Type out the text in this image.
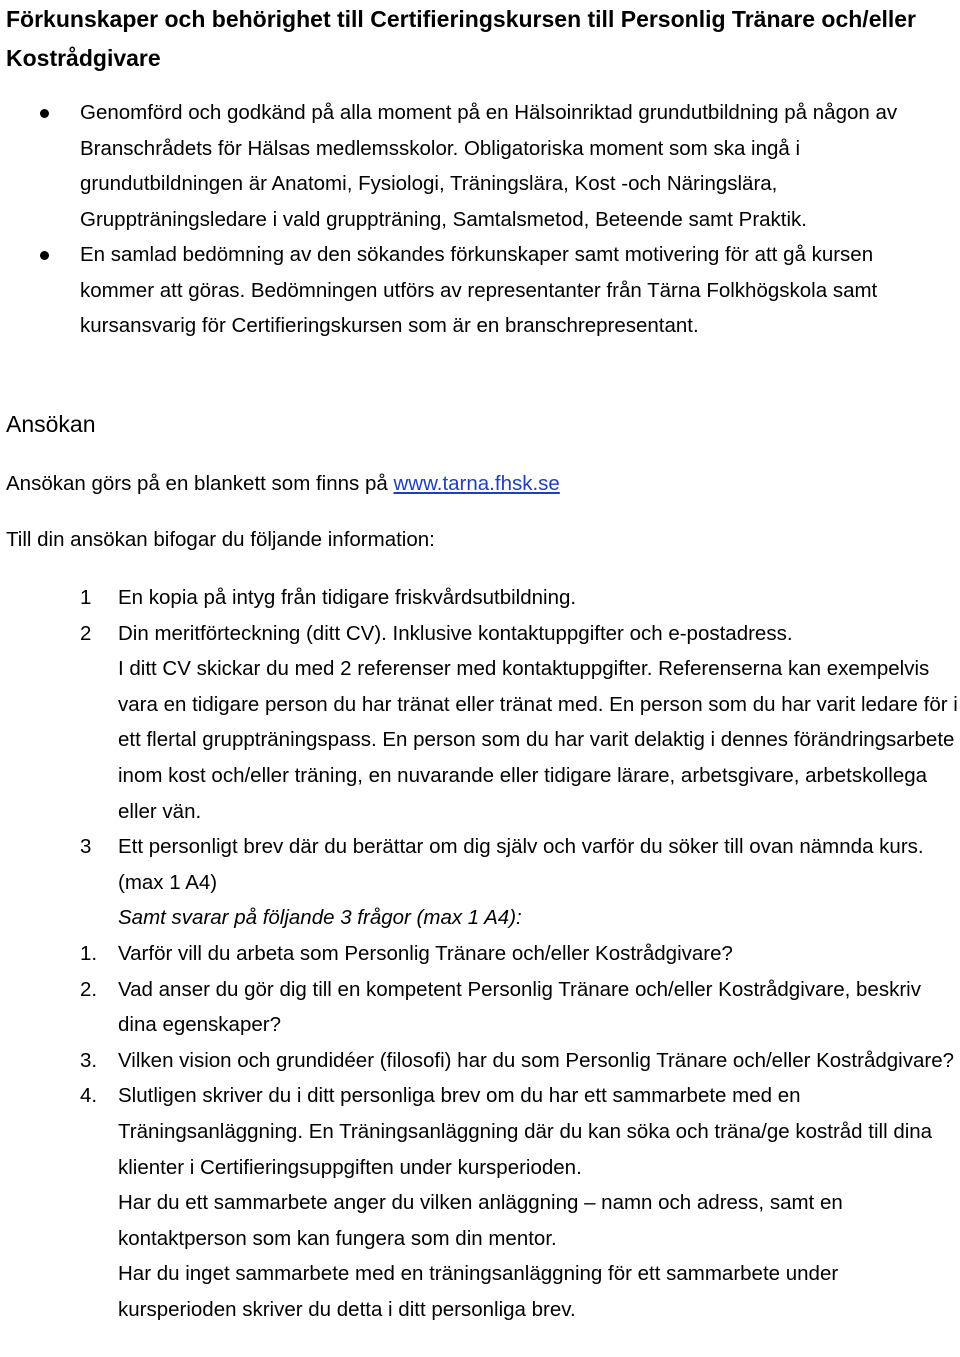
Förkunskaper och behörighet till Certifieringskursen till Personlig Tränare och/eller Kostrådgivare
Genomförd och godkänd på alla moment på en Hälsoinriktad grundutbildning på någon av Branschrådets för Hälsas medlemsskolor. Obligatoriska moment som ska ingå i grundutbildningen är Anatomi, Fysiologi, Träningslära, Kost -och Näringslära, Gruppträningsledare i vald gruppträning, Samtalsmetod, Beteende samt Praktik.
En samlad bedömning av den sökandes förkunskaper samt motivering för att gå kursen kommer att göras. Bedömningen utförs av representanter från Tärna Folkhögskola samt kursansvarig för Certifieringskursen som är en branschrepresentant.
Ansökan
Ansökan görs på en blankett som finns på www.tarna.fhsk.se
Till din ansökan bifogar du följande information:
1 En kopia på intyg från tidigare friskvårdsutbildning.
2 Din meritförteckning (ditt CV). Inklusive kontaktuppgifter och e-postadress.
I ditt CV skickar du med 2 referenser med kontaktuppgifter. Referenserna kan exempelvis vara en tidigare person du har tränat eller tränat med. En person som du har varit ledare för i ett flertal gruppträningspass. En person som du har varit delaktig i dennes förändringsarbete inom kost och/eller träning, en nuvarande eller tidigare lärare, arbetsgivare, arbetskollega eller vän.
3 Ett personligt brev där du berättar om dig själv och varför du söker till ovan nämnda kurs. (max 1 A4)
Samt svarar på följande 3 frågor (max 1 A4):
1. Varför vill du arbeta som Personlig Tränare och/eller Kostrådgivare?
2. Vad anser du gör dig till en kompetent Personlig Tränare och/eller Kostrådgivare, beskriv dina egenskaper?
3. Vilken vision och grundidéer (filosofi) har du som Personlig Tränare och/eller Kostrådgivare?
4. Slutligen skriver du i ditt personliga brev om du har ett sammarbete med en Träningsanläggning. En Träningsanläggning där du kan söka och träna/ge kostråd till dina klienter i Certifieringsuppgiften under kursperioden.
Har du ett sammarbete anger du vilken anläggning – namn och adress, samt en kontaktperson som kan fungera som din mentor.
Har du inget sammarbete med en träningsanläggning för ett sammarbete under kursperioden skriver du detta i ditt personliga brev.
